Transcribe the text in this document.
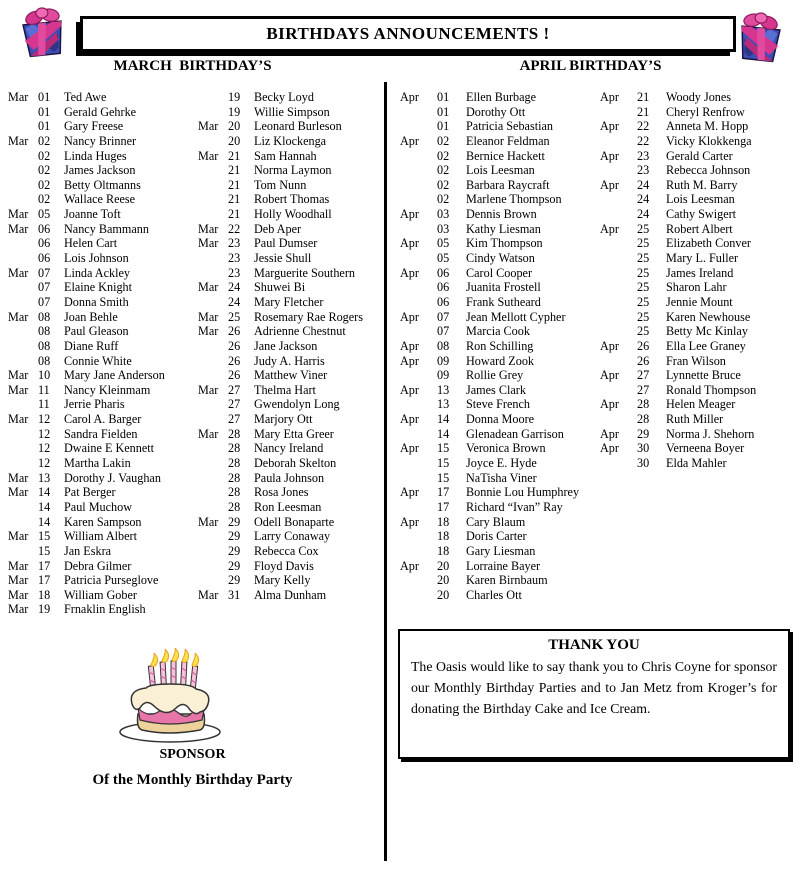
BIRTHDAYS ANNOUNCEMENTS !
MARCH  BIRTHDAY’S	APRIL BIRTHDAY’S
Mar 01	Ted Awe
01	Gerald Gehrke
01	Gary Freese
Mar 02	Nancy Brinner
02	Linda Huges
02	James Jackson
02	Betty Oltmanns
02	Wallace Reese
Mar 05	Joanne Toft
Mar 06	Nancy Bammann
06	Helen Cart
06	Lois Johnson
Mar 07	Linda Ackley
07	Elaine Knight
07	Donna Smith
Mar 08	Joan Behle
08	Paul Gleason
08	Diane Ruff
08	Connie White
Mar 10	Mary Jane Anderson
Mar 11	Nancy Kleinmam
11	Jerrie Pharis
Mar 12	Carol A. Barger
12	Sandra Fielden
12	Dwaine E Kennett
12	Martha Lakin
Mar 13	Dorothy J. Vaughan
Mar 14	Pat Berger
14	Paul Muchow
14	Karen Sampson
Mar 15	William Albert
15	Jan Eskra
Mar 17	Debra Gilmer
Mar 17	Patricia Purseglove
Mar 18	William Gober
Mar 19	Frnaklin English
19	Becky Loyd
19	Willie Simpson
Mar 20	Leonard Burleson
20	Liz Klockenga
Mar 21	Sam Hannah
21	Norma Laymon
21	Tom Nunn
21	Robert Thomas
21	Holly Woodhall
Mar 22	Deb Aper
Mar 23	Paul Dumser
23	Jessie Shull
23	Marguerite Southern
Mar 24	Shuwei Bi
24	Mary Fletcher
Mar 25	Rosemary Rae Rogers
Mar 26	Adrienne Chestnut
26	Jane Jackson
26	Judy A. Harris
26	Matthew Viner
Mar 27	Thelma Hart
27	Gwendolyn Long
27	Marjory Ott
Mar 28	Mary Etta Greer
28	Nancy Ireland
28	Deborah Skelton
28	Paula Johnson
28	Rosa Jones
28	Ron Leesman
Mar 29	Odell Bonaparte
29	Larry Conaway
29	Rebecca Cox
29	Floyd Davis
29	Mary Kelly
Mar 31	Alma Dunham
Apr	01	Ellen Burbage
01	Dorothy Ott
01	Patricia Sebastian
Apr	02	Eleanor Feldman
02	Bernice Hackett
02	Lois Leesman
02	Barbara Raycraft
02	Marlene Thompson
Apr	03	Dennis Brown
03	Kathy Liesman
Apr	05	Kim Thompson
05	Cindy Watson
Apr	06	Carol Cooper
06	Juanita Frostell
06	Frank Sutheard
Apr	07	Jean Mellott Cypher
07	Marcia Cook
Apr	08	Ron Schilling
Apr	09	Howard Zook
09	Rollie Grey
Apr	13	James Clark
13	Steve French
Apr	14	Donna Moore
14	Glenadean Garrison
Apr	15	Veronica Brown
15	Joyce E. Hyde
15	NaTisha Viner
Apr	17	Bonnie Lou Humphrey
17	Richard “Ivan” Ray
Apr	18	Cary Blaum
18	Doris Carter
18	Gary Liesman
Apr	20	Lorraine Bayer
20	Karen Birnbaum
20	Charles Ott
Apr	21	Woody Jones
21	Cheryl Renfrow
Apr	22	Anneta M. Hopp
22	Vicky Klokkenga
Apr	23	Gerald Carter
23	Rebecca Johnson
Apr	24	Ruth M. Barry
24	Lois Leesman
24	Cathy Swigert
Apr	25	Robert Albert
25	Elizabeth Conver
25	Mary L. Fuller
25	James Ireland
25	Sharon Lahr
25	Jennie Mount
25	Karen Newhouse
25	Betty Mc Kinlay
Apr	26	Ella Lee Graney
26	Fran Wilson
Apr	27	Lynnette Bruce
27	Ronald Thompson
Apr	28	Helen Meager
28	Ruth Miller
Apr	29	Norma J. Shehorn
Apr	30	Verneena Boyer
30	Elda Mahler
SPONSOR
Of the Monthly Birthday Party
THANK YOU

The Oasis would like to say thank you to Chris Coyne for sponsor our Monthly Birthday Parties and to Jan Metz from Kroger’s for donating the Birthday Cake and Ice Cream.
